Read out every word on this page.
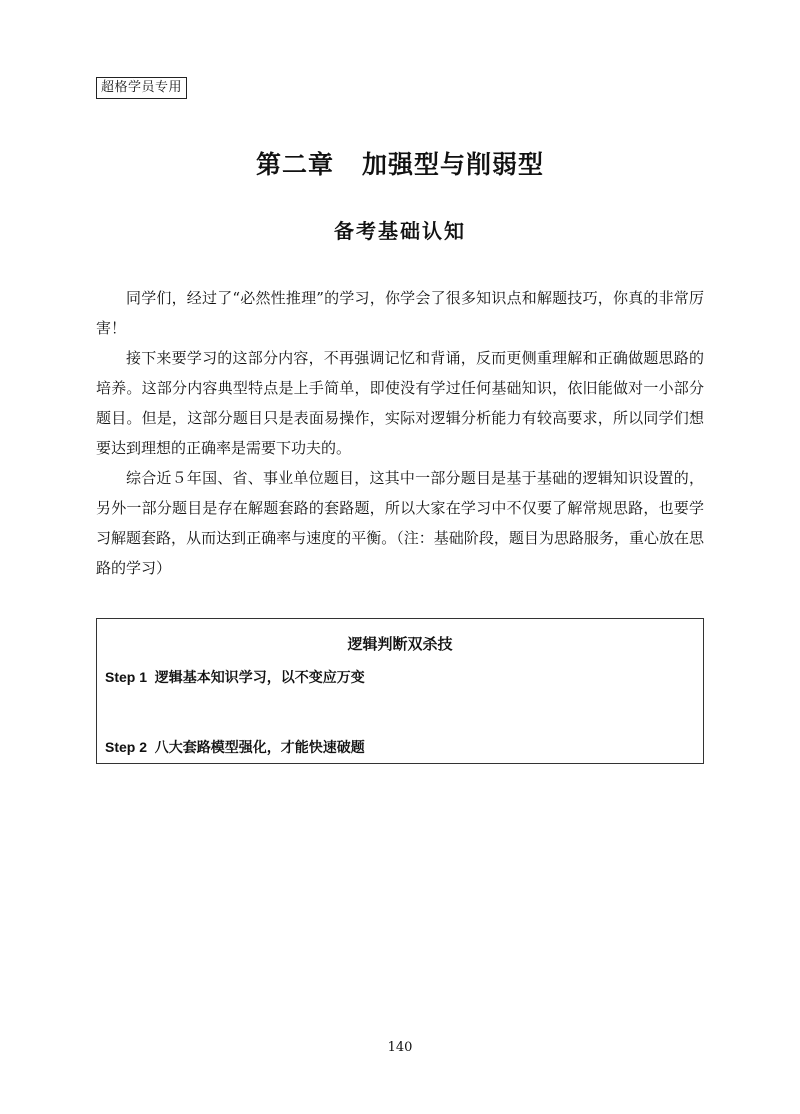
超格学员专用
第二章 加强型与削弱型
备考基础认知

同学们，经过了“必然性推理”的学习，你学会了很多知识点和解题技巧，你真的非常厉害！

接下来要学习的这部分内容，不再强调记忆和背诵，反而更侧重理解和正确做题思路的培养。这部分内容典型特点是上手简单，即使没有学过任何基础知识，依旧能做对一小部分题目。但是，这部分题目只是表面易操作，实际对逻辑分析能力有较高要求，所以同学们想要达到理想的正确率是需要下功夫的。

综合近５年国、省、事业单位题目，这其中一部分题目是基于基础的逻辑知识设置的，另外一部分题目是存在解题套路的套路题，所以大家在学习中不仅要了解常规思路，也要学习解题套路，从而达到正确率与速度的平衡。（注：基础阶段，题目为思路服务，重心放在思路的学习）

逻辑判断双杀技
Step 1  逻辑基本知识学习，以不变应万变
Step 2  八大套路模型强化，才能快速破题
140
